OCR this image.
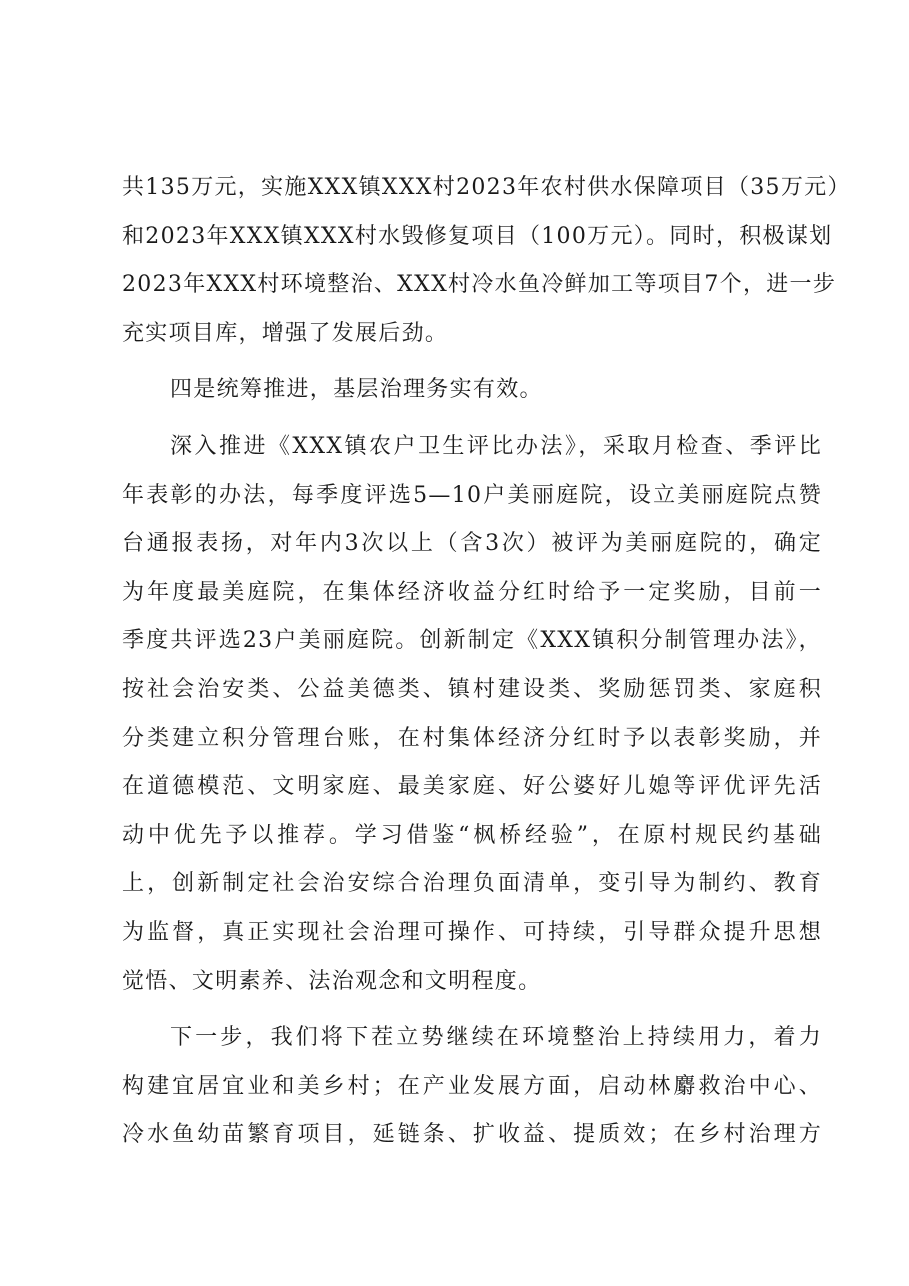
共135万元，实施XXX镇XXX村2023年农村供水保障项目（35万元）
和2023年XXX镇XXX村水毁修复项目（100万元）。同时，积极谋划
2023年XXX村环境整治、XXX村冷水鱼冷鲜加工等项目7个，进一步
充实项目库，增强了发展后劲。
四是统筹推进，基层治理务实有效。
深入推进《XXX镇农户卫生评比办法》，采取月检查、季评比
年表彰的办法，每季度评选5—10户美丽庭院，设立美丽庭院点赞
台通报表扬，对年内3次以上（含3次）被评为美丽庭院的，确定
为年度最美庭院，在集体经济收益分红时给予一定奖励，目前一
季度共评选23户美丽庭院。创新制定《XXX镇积分制管理办法》，
按社会治安类、公益美德类、镇村建设类、奖励惩罚类、家庭积
分类建立积分管理台账，在村集体经济分红时予以表彰奖励，并
在道德模范、文明家庭、最美家庭、好公婆好儿媳等评优评先活
动中优先予以推荐。学习借鉴“枫桥经验”，在原村规民约基础
上，创新制定社会治安综合治理负面清单，变引导为制约、教育
为监督，真正实现社会治理可操作、可持续，引导群众提升思想
觉悟、文明素养、法治观念和文明程度。
下一步，我们将下茬立势继续在环境整治上持续用力，着力
构建宜居宜业和美乡村；在产业发展方面，启动林麝救治中心、
冷水鱼幼苗繁育项目，延链条、扩收益、提质效；在乡村治理方
